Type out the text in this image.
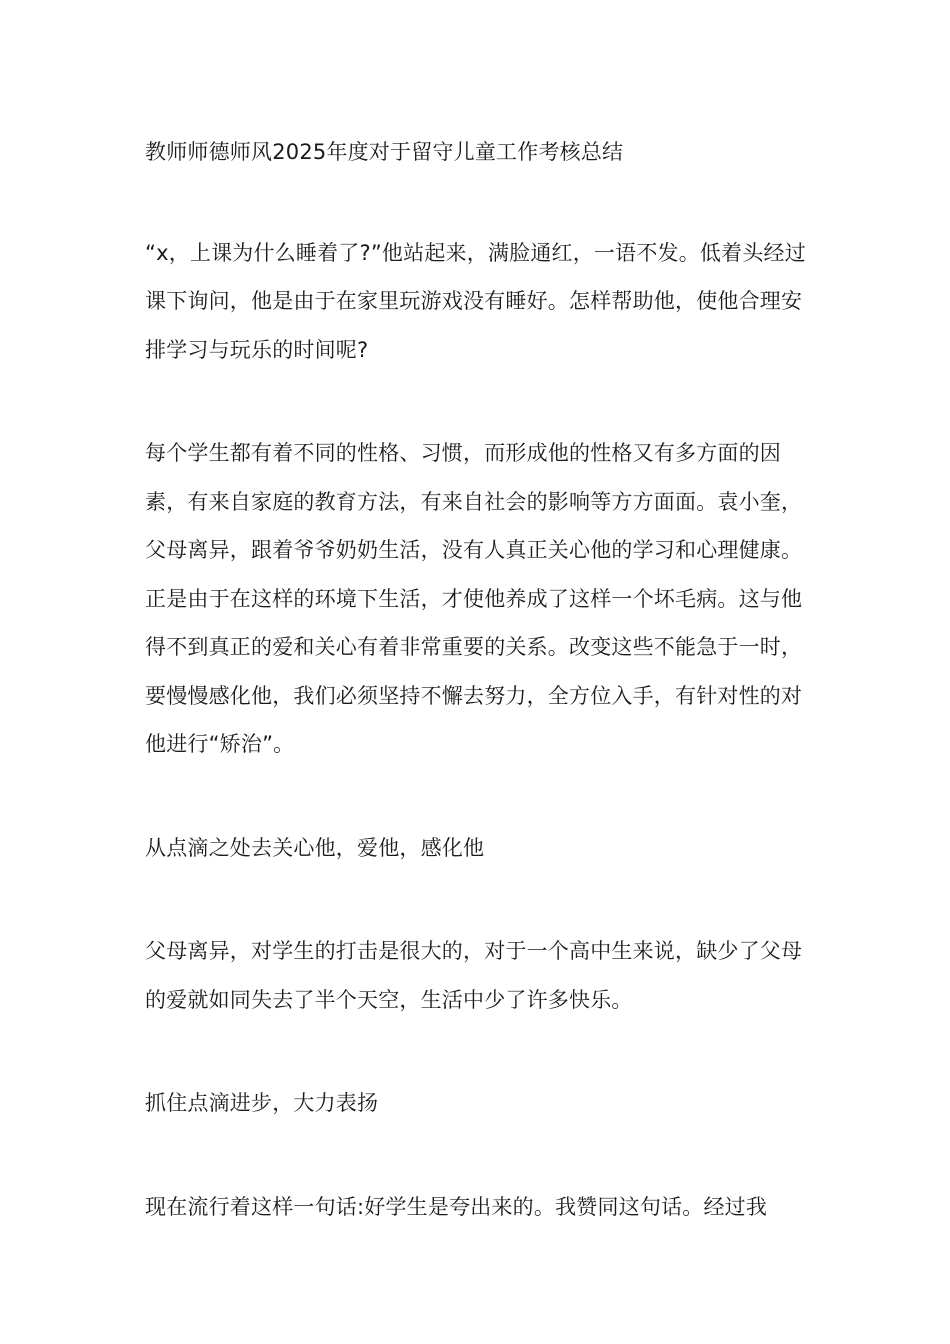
教师师德师风2025年度对于留守儿童工作考核总结

“x，上课为什么睡着了?”他站起来，满脸通红，一语不发。低着头经过课下询问，他是由于在家里玩游戏没有睡好。怎样帮助他，使他合理安排学习与玩乐的时间呢?

每个学生都有着不同的性格、习惯，而形成他的性格又有多方面的因素，有来自家庭的教育方法，有来自社会的影响等方方面面。袁小奎，父母离异，跟着爷爷奶奶生活，没有人真正关心他的学习和心理健康。正是由于在这样的环境下生活，才使他养成了这样一个坏毛病。这与他得不到真正的爱和关心有着非常重要的关系。改变这些不能急于一时，要慢慢感化他，我们必须坚持不懈去努力，全方位入手，有针对性的对他进行“矫治”。

从点滴之处去关心他，爱他，感化他

父母离异，对学生的打击是很大的，对于一个高中生来说，缺少了父母的爱就如同失去了半个天空，生活中少了许多快乐。

抓住点滴进步，大力表扬

现在流行着这样一句话:好学生是夸出来的。我赞同这句话。经过我
